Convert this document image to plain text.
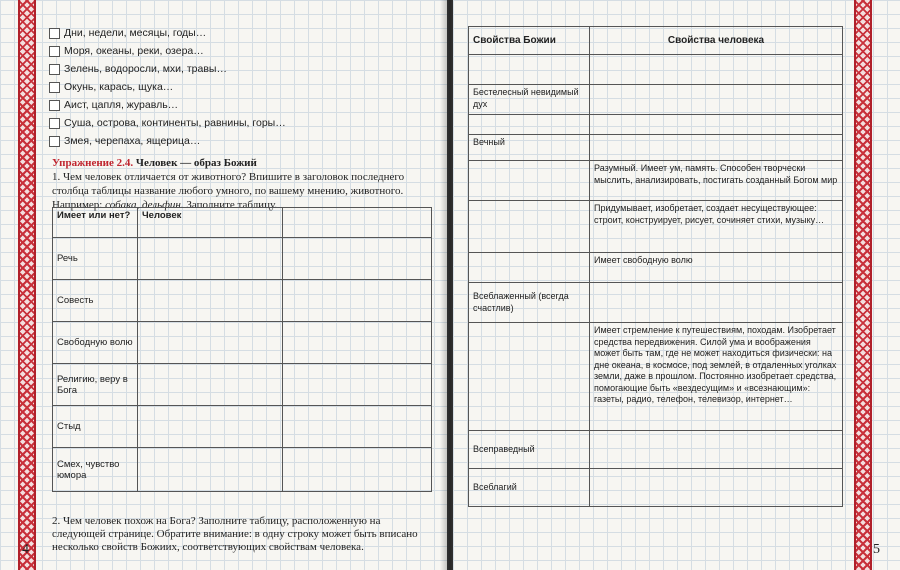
Дни, недели, месяцы, годы…
Моря, океаны, реки, озера…
Зелень, водоросли, мхи, травы…
Окунь, карась, щука…
Аист, цапля, журавль…
Суша, острова, континенты, равнины, горы…
Змея, черепаха, ящерица…
Упражнение 2.4. Человек — образ Божий
1. Чем человек отличается от животного? Впишите в заголовок последнего столбца таблицы название любого умного, по вашему мнению, животного. Например: собака, дельфин. Заполните таблицу.
Имеет или нет?	Человек	
Речь		
Совесть		
Свободную волю		
Религию, веру в Бога		
Стыд		
Смех, чувство юмора		
2. Чем человек похож на Бога? Заполните таблицу, расположенную на следующей странице. Обратите внимание: в одну строку может быть вписано несколько свойств Божиих, соответствующих свойствам человека.
4
Свойства Божии	Свойства человека

Бестелесный невидимый дух	

Вечный	
	Разумный. Имеет ум, память. Способен творчески мыслить, анализировать, постигать созданный Богом мир
	Придумывает, изобретает, создает несуществующее: строит, конструирует, рисует, сочиняет стихи, музыку…
	Имеет свободную волю
Всеблаженный (всегда счастлив)	
	Имеет стремление к путешествиям, походам. Изобретает средства передвижения. Силой ума и воображения может быть там, где не может находиться физически: на дне океана, в космосе, под землей, в отдаленных уголках земли, даже в прошлом. Постоянно изобретает средства, помогающие быть «вездесущим» и «всезнающим»: газеты, радио, телефон, телевизор, интернет…
Всеправедный	
Всеблагий	
5
